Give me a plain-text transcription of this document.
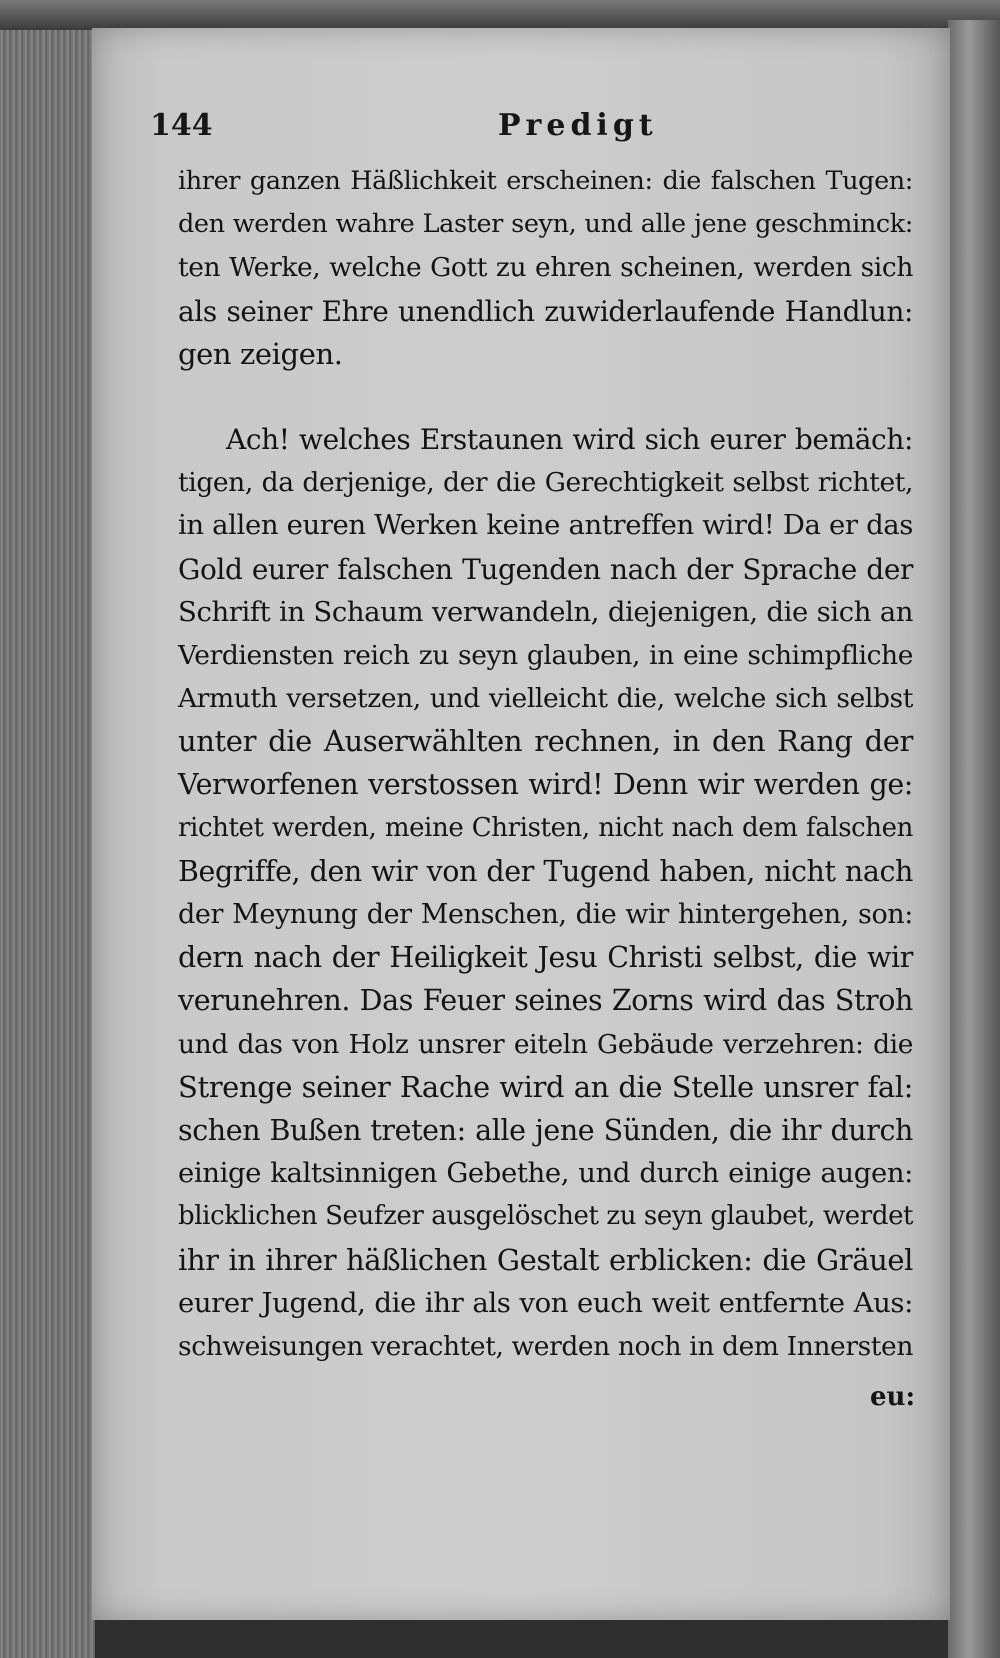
144	Predigt
ihrer ganzen Häßlichkeit erscheinen: die falschen Tugen:
den werden wahre Laster seyn, und alle jene geschminck:
ten Werke, welche Gott zu ehren scheinen, werden sich
als seiner Ehre unendlich zuwiderlaufende Handlun:
gen zeigen.
Ach! welches Erstaunen wird sich eurer bemäch:
tigen, da derjenige, der die Gerechtigkeit selbst richtet,
in allen euren Werken keine antreffen wird! Da er das
Gold eurer falschen Tugenden nach der Sprache der
Schrift in Schaum verwandeln, diejenigen, die sich an
Verdiensten reich zu seyn glauben, in eine schimpfliche
Armuth versetzen, und vielleicht die, welche sich selbst
unter die Auserwählten rechnen, in den Rang der
Verworfenen verstossen wird! Denn wir werden ge:
richtet werden, meine Christen, nicht nach dem falschen
Begriffe, den wir von der Tugend haben, nicht nach
der Meynung der Menschen, die wir hintergehen, son:
dern nach der Heiligkeit Jesu Christi selbst, die wir
verunehren. Das Feuer seines Zorns wird das Stroh
und das von Holz unsrer eiteln Gebäude verzehren: die
Strenge seiner Rache wird an die Stelle unsrer fal:
schen Bußen treten: alle jene Sünden, die ihr durch
einige kaltsinnigen Gebethe, und durch einige augen:
blicklichen Seufzer ausgelöschet zu seyn glaubet, werdet
ihr in ihrer häßlichen Gestalt erblicken: die Gräuel
eurer Jugend, die ihr als von euch weit entfernte Aus:
schweisungen verachtet, werden noch in dem Innersten
eu:
